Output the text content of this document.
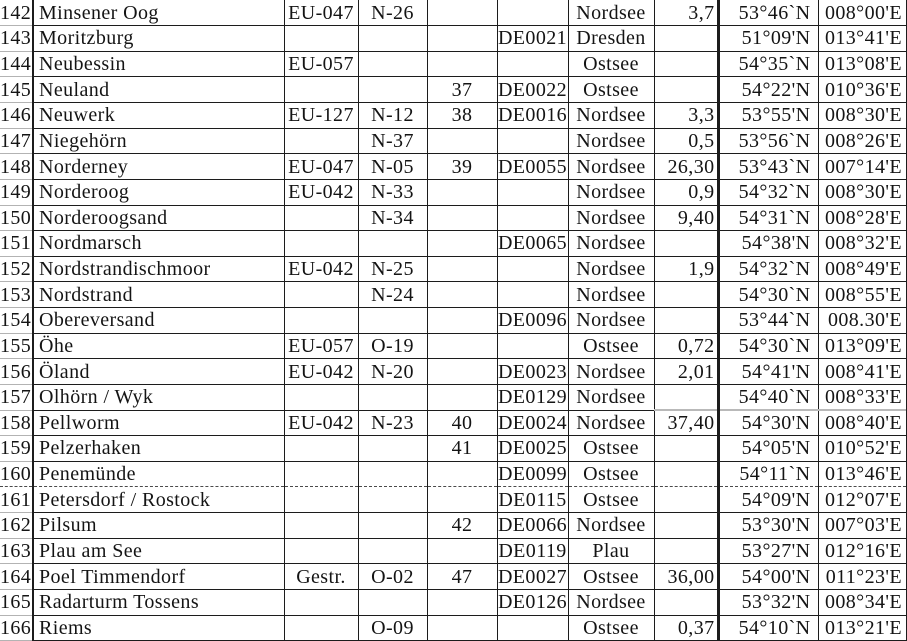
142	Minsener Oog	EU-047	N-26			Nordsee	3,7	53°46`N	008°00'E
143	Moritzburg				DE0021	Dresden		51°09'N	013°41'E
144	Neubessin	EU-057				Ostsee		54°35`N	013°08'E
145	Neuland			37	DE0022	Ostsee		54°22'N	010°36'E
146	Neuwerk	EU-127	N-12	38	DE0016	Nordsee	3,3	53°55'N	008°30'E
147	Niegehörn		N-37			Nordsee	0,5	53°56`N	008°26'E
148	Norderney	EU-047	N-05	39	DE0055	Nordsee	26,30	53°43`N	007°14'E
149	Norderoog	EU-042	N-33			Nordsee	0,9	54°32`N	008°30'E
150	Norderoogsand		N-34			Nordsee	9,40	54°31`N	008°28'E
151	Nordmarsch				DE0065	Nordsee		54°38'N	008°32'E
152	Nordstrandischmoor	EU-042	N-25			Nordsee	1,9	54°32`N	008°49'E
153	Nordstrand		N-24			Nordsee		54°30`N	008°55'E
154	Obereversand				DE0096	Nordsee		53°44`N	008.30'E
155	Öhe	EU-057	O-19			Ostsee	0,72	54°30`N	013°09'E
156	Öland	EU-042	N-20		DE0023	Nordsee	2,01	54°41'N	008°41'E
157	Olhörn / Wyk				DE0129	Nordsee		54°40`N	008°33'E
158	Pellworm	EU-042	N-23	40	DE0024	Nordsee	37,40	54°30'N	008°40'E
159	Pelzerhaken			41	DE0025	Ostsee		54°05'N	010°52'E
160	Penemünde				DE0099	Ostsee		54°11`N	013°46'E
161	Petersdorf / Rostock				DE0115	Ostsee		54°09'N	012°07'E
162	Pilsum			42	DE0066	Nordsee		53°30'N	007°03'E
163	Plau am See				DE0119	Plau		53°27'N	012°16'E
164	Poel Timmendorf	Gestr.	O-02	47	DE0027	Ostsee	36,00	54°00'N	011°23'E
165	Radarturm Tossens				DE0126	Nordsee		53°32'N	008°34'E
166	Riems		O-09			Ostsee	0,37	54°10`N	013°21'E
